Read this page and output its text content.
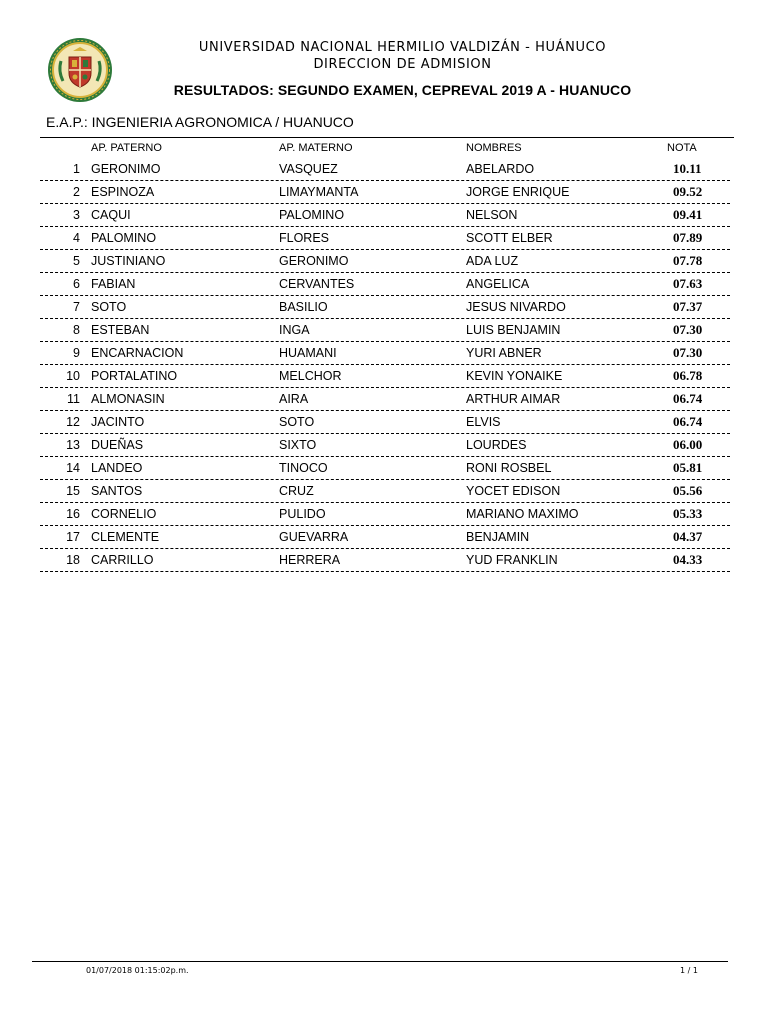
UNIVERSIDAD NACIONAL HERMILIO VALDIZÁN - HUÁNUCO
DIRECCION DE ADMISION
RESULTADOS: SEGUNDO EXAMEN, CEPREVAL 2019 A - HUANUCO
E.A.P.: INGENIERIA AGRONOMICA / HUANUCO
AP. PATERNO	AP. MATERNO	NOMBRES	NOTA
1 GERONIMO	VASQUEZ	ABELARDO	10.11
2 ESPINOZA	LIMAYMANTA	JORGE ENRIQUE	09.52
3 CAQUI	PALOMINO	NELSON	09.41
4 PALOMINO	FLORES	SCOTT ELBER	07.89
5 JUSTINIANO	GERONIMO	ADA LUZ	07.78
6 FABIAN	CERVANTES	ANGELICA	07.63
7 SOTO	BASILIO	JESUS NIVARDO	07.37
8 ESTEBAN	INGA	LUIS BENJAMIN	07.30
9 ENCARNACION	HUAMANI	YURI ABNER	07.30
10 PORTALATINO	MELCHOR	KEVIN YONAIKE	06.78
11 ALMONASIN	AIRA	ARTHUR AIMAR	06.74
12 JACINTO	SOTO	ELVIS	06.74
13 DUEÑAS	SIXTO	LOURDES	06.00
14 LANDEO	TINOCO	RONI ROSBEL	05.81
15 SANTOS	CRUZ	YOCET EDISON	05.56
16 CORNELIO	PULIDO	MARIANO MAXIMO	05.33
17 CLEMENTE	GUEVARRA	BENJAMIN	04.37
18 CARRILLO	HERRERA	YUD FRANKLIN	04.33
01/07/2018 01:15:02p.m.	1 / 1
